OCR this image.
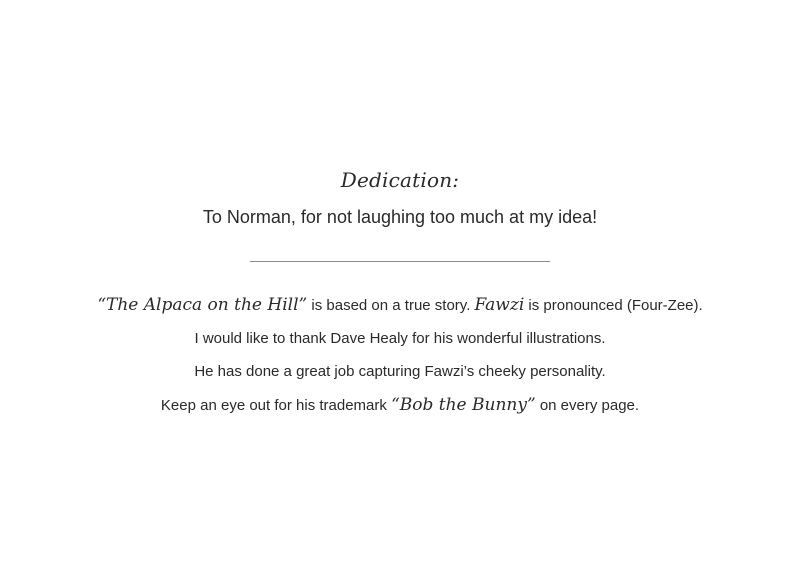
Dedication:
To Norman, for not laughing too much at my idea!
“The Alpaca on the Hill” is based on a true story. Fawzi is pronounced (Four-Zee).
I would like to thank Dave Healy for his wonderful illustrations.
He has done a great job capturing Fawzi’s cheeky personality.
Keep an eye out for his trademark “Bob the Bunny” on every page.
